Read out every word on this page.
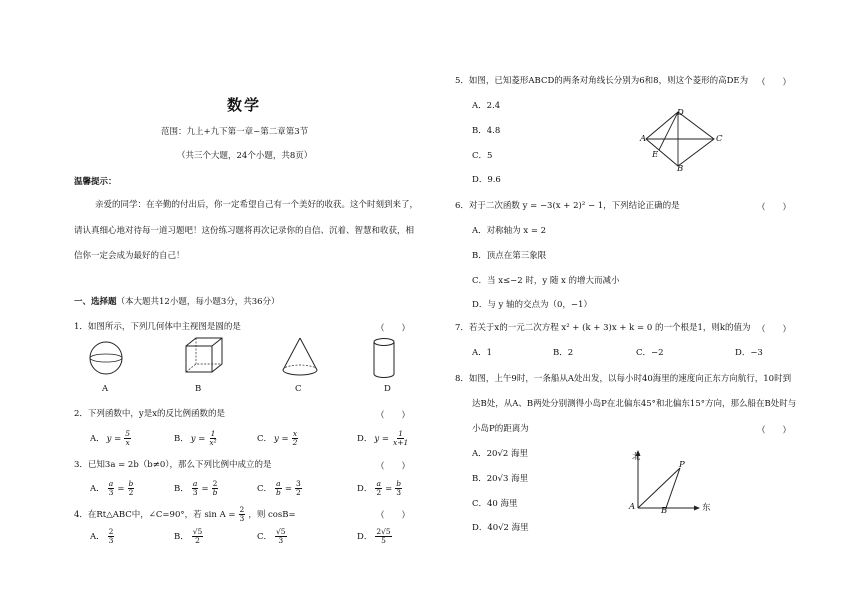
数学
范围：九上+九下第一章~第二章第3节
（共三个大题，24个小题，共8页）
温馨提示：
亲爱的同学：在辛勤的付出后，你一定希望自己有一个美好的收获。这个时刻到来了，
请认真细心地对待每一道习题吧！这份练习题将再次记录你的自信、沉着、智慧和收获，相
信你一定会成为最好的自己！
一、选择题（本大题共12小题，每小题3分，共36分）
1．如图所示，下列几何体中主视图是圆的是	（　　）
A	B	C	D
2．下列函数中，y是x的反比例函数的是	（　　）
A． $y = \frac{5}{x}$	B． $y = \frac{1}{\text{x²}}$	C． $y = \frac{x}{2}$	D． $y = \frac{1}{x+1}$
3．已知3a = 2b（b≠0），那么下列比例中成立的是	（　　）
A． $\frac{a}{3} = \frac{b}{2}$	B． $\frac{a}{3} = \frac{2}{b}$	C． $\frac{a}{b} = \frac{3}{2}$	D． $\frac{a}{2} = \frac{b}{3}$
4．在Rt△ABC中，∠C=90°，若 $\sin A = \frac{2}{3}$ ，则 cosB=	（　　）
A． $\frac{2}{3}$	B． $\frac{√5}{2}$	C． $\frac{√5}{3}$	D． $\frac{2√5}{5}$
5．如图，已知菱形ABCD的两条对角线长分别为6和8，则这个菱形的高DE为 （　　）
A．2.4
B．4.8
C．5
D．9.6
A
D
C
B
E
6．对于二次函数 y = −3(x + 2)² − 1，下列结论正确的是	（　　）
A．对称轴为 x = 2
B．顶点在第三象限
C．当 x≤−2 时，y 随 x 的增大而减小
D．与 y 轴的交点为（0，−1）
7．若关于x的一元二次方程 x² + (k + 3)x + k = 0 的一个根是1，则k的值为 （　　）
A．1	B．2	C．−2	D．−3
8．如图，上午9时，一条船从A处出发，以每小时40海里的速度向正东方向航行，10时到
达B处，从A、B两处分别测得小岛P在北偏东45°和北偏东15°方向，那么船在B处时与
小岛P的距离为	（　　）
A．20√2 海里
B．20√3 海里
C．40 海里
D．40√2 海里
北
东
A	B
P
